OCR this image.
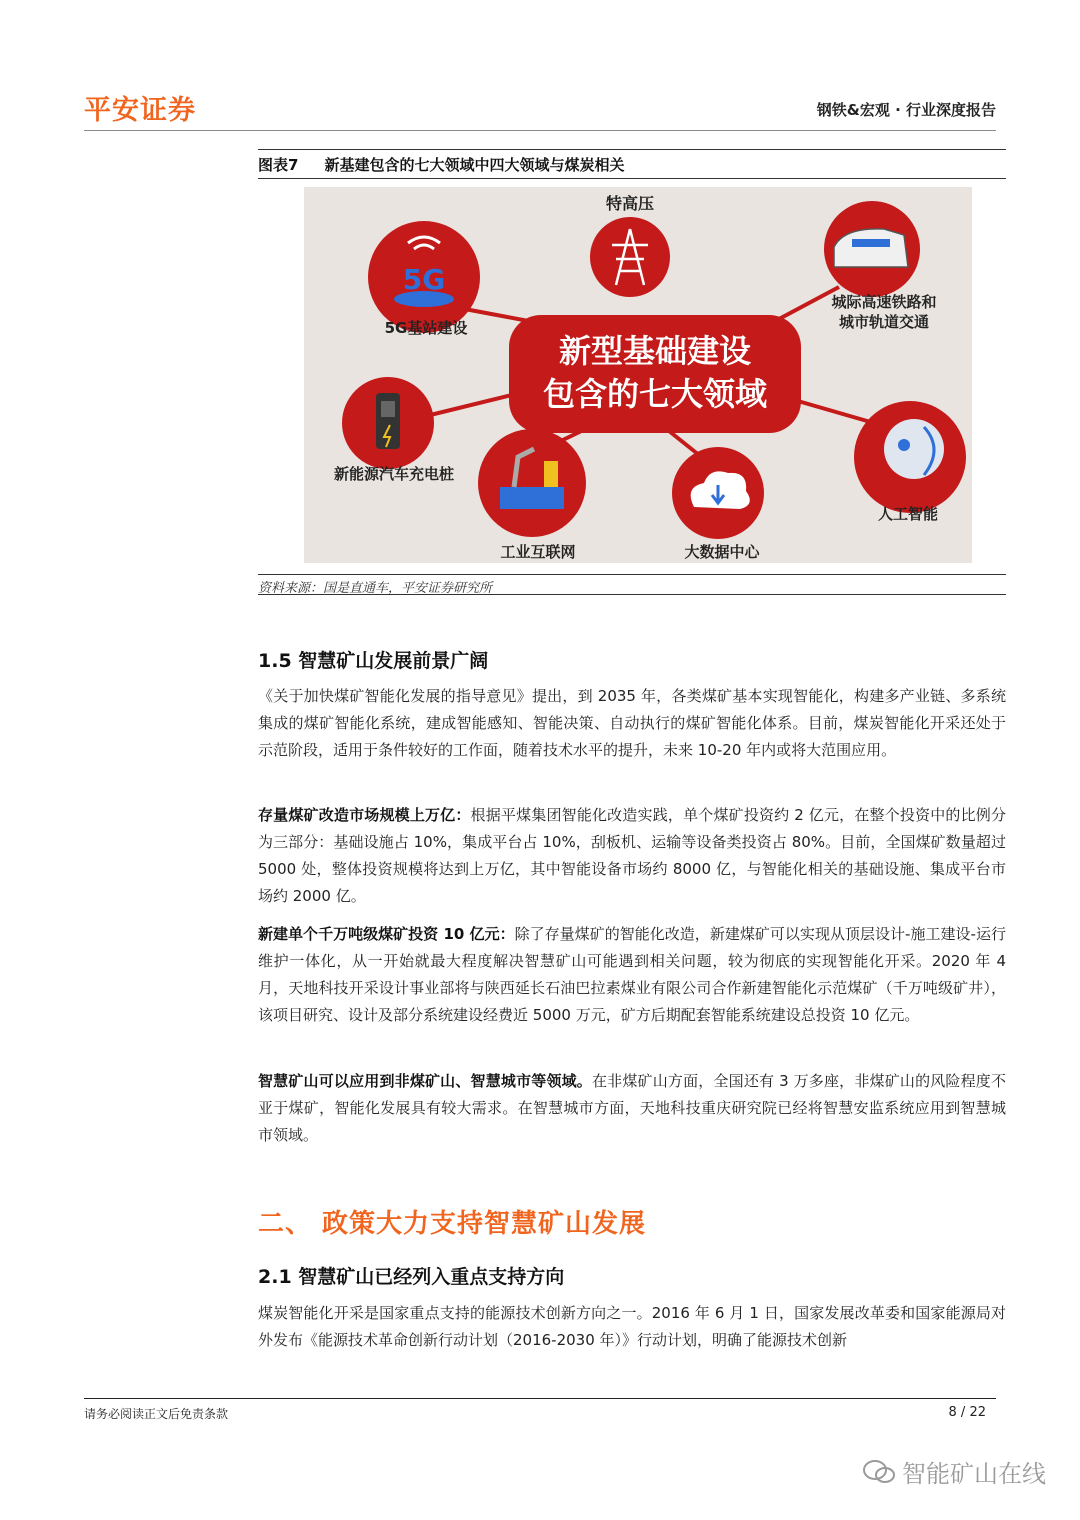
平安证券	钢铁&宏观 · 行业深度报告
图表7 新基建包含的七大领域中四大领域与煤炭相关
新型基础建设
包含的七大领域
特高压
5G
5G基站建设
城际高速铁路和
城市轨道交通
新能源汽车充电桩
人工智能
工业互联网	大数据中心
资料来源：国是直通车，平安证券研究所
1.5 智慧矿山发展前景广阔

《关于加快煤矿智能化发展的指导意见》提出，到 2035 年，各类煤矿基本实现智能化，构建多产业链、多系统集成的煤矿智能化系统，建成智能感知、智能决策、自动执行的煤矿智能化体系。目前，煤炭智能化开采还处于示范阶段，适用于条件较好的工作面，随着技术水平的提升，未来 10-20 年内或将大范围应用。

存量煤矿改造市场规模上万亿：根据平煤集团智能化改造实践，单个煤矿投资约 2 亿元，在整个投资中的比例分为三部分：基础设施占 10%，集成平台占 10%，刮板机、运输等设备类投资占 80%。目前，全国煤矿数量超过 5000 处，整体投资规模将达到上万亿，其中智能设备市场约 8000 亿，与智能化相关的基础设施、集成平台市场约 2000 亿。

新建单个千万吨级煤矿投资 10 亿元：除了存量煤矿的智能化改造，新建煤矿可以实现从顶层设计-施工建设-运行维护一体化，从一开始就最大程度解决智慧矿山可能遇到相关问题，较为彻底的实现智能化开采。2020 年 4 月，天地科技开采设计事业部将与陕西延长石油巴拉素煤业有限公司合作新建智能化示范煤矿（千万吨级矿井），该项目研究、设计及部分系统建设经费近 5000 万元，矿方后期配套智能系统建设总投资 10 亿元。

智慧矿山可以应用到非煤矿山、智慧城市等领域。在非煤矿山方面，全国还有 3 万多座，非煤矿山的风险程度不亚于煤矿，智能化发展具有较大需求。在智慧城市方面，天地科技重庆研究院已经将智慧安监系统应用到智慧城市领域。

二、 政策大力支持智慧矿山发展
2.1 智慧矿山已经列入重点支持方向

煤炭智能化开采是国家重点支持的能源技术创新方向之一。2016 年 6 月 1 日，国家发展改革委和国家能源局对外发布《能源技术革命创新行动计划（2016-2030 年）》行动计划，明确了能源技术创新

请务必阅读正文后免责条款	8 / 22
智能矿山在线
